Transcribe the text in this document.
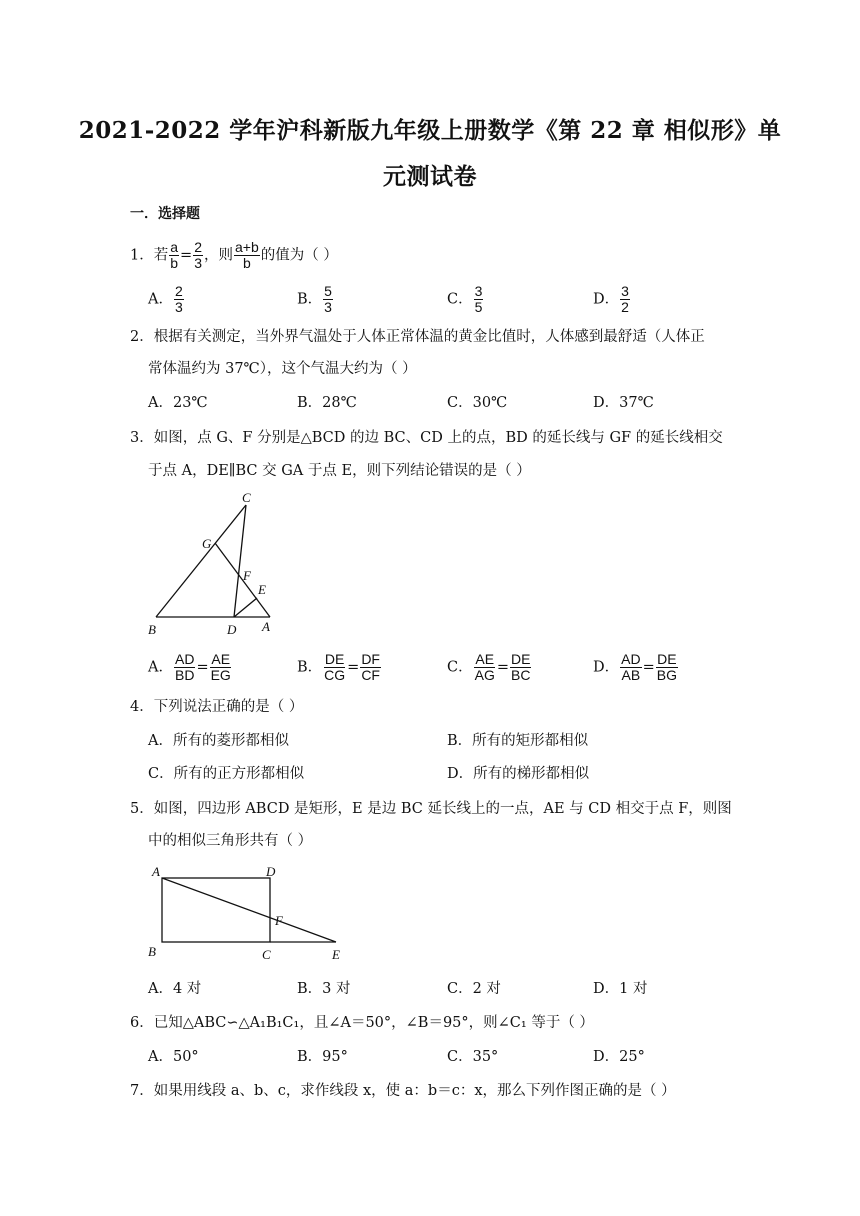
2021-2022 学年沪科新版九年级上册数学《第 22 章 相似形》单
元测试卷
一．选择题
1．若 $\frac{a}{b} = \frac{2}{3}$ ，则 $\frac{a+b}{b}$ 的值为（ ）
A． $\frac{2}{3}$	B． $\frac{5}{3}$	C． $\frac{3}{5}$	D． $\frac{3}{2}$
2．根据有关测定，当外界气温处于人体正常体温的黄金比值时，人体感到最舒适（人体正
常体温约为 37℃），这个气温大约为（ ）
A．23℃	B．28℃	C．30℃	D．37℃
3．如图，点 G、F 分别是△BCD 的边 BC、CD 上的点，BD 的延长线与 GF 的延长线相交
于点 A，DE∥BC 交 GA 于点 E，则下列结论错误的是（ ）
C
G
F
E
B	D A
A． $\frac{AD}{BD} = \frac{AE}{EG}$	B． $\frac{DE}{CG} = \frac{DF}{CF}$	C． $\frac{AE}{AG} = \frac{DE}{BC}$	D． $\frac{AD}{AB} = \frac{DE}{BG}$
4．下列说法正确的是（ ）
A．所有的菱形都相似	B．所有的矩形都相似
C．所有的正方形都相似	D．所有的梯形都相似
5．如图，四边形 ABCD 是矩形，E 是边 BC 延长线上的一点，AE 与 CD 相交于点 F，则图
中的相似三角形共有（ ）
A	D
F
B	C	E
A．4 对	B．3 对	C．2 对	D．1 对
6．已知△ABC∽△A₁B₁C₁，且∠A＝50°，∠B＝95°，则∠C₁ 等于（ ）
A．50°	B．95°	C．35°	D．25°
7．如果用线段 a、b、c，求作线段 x，使 a：b＝c：x，那么下列作图正确的是（ ）
